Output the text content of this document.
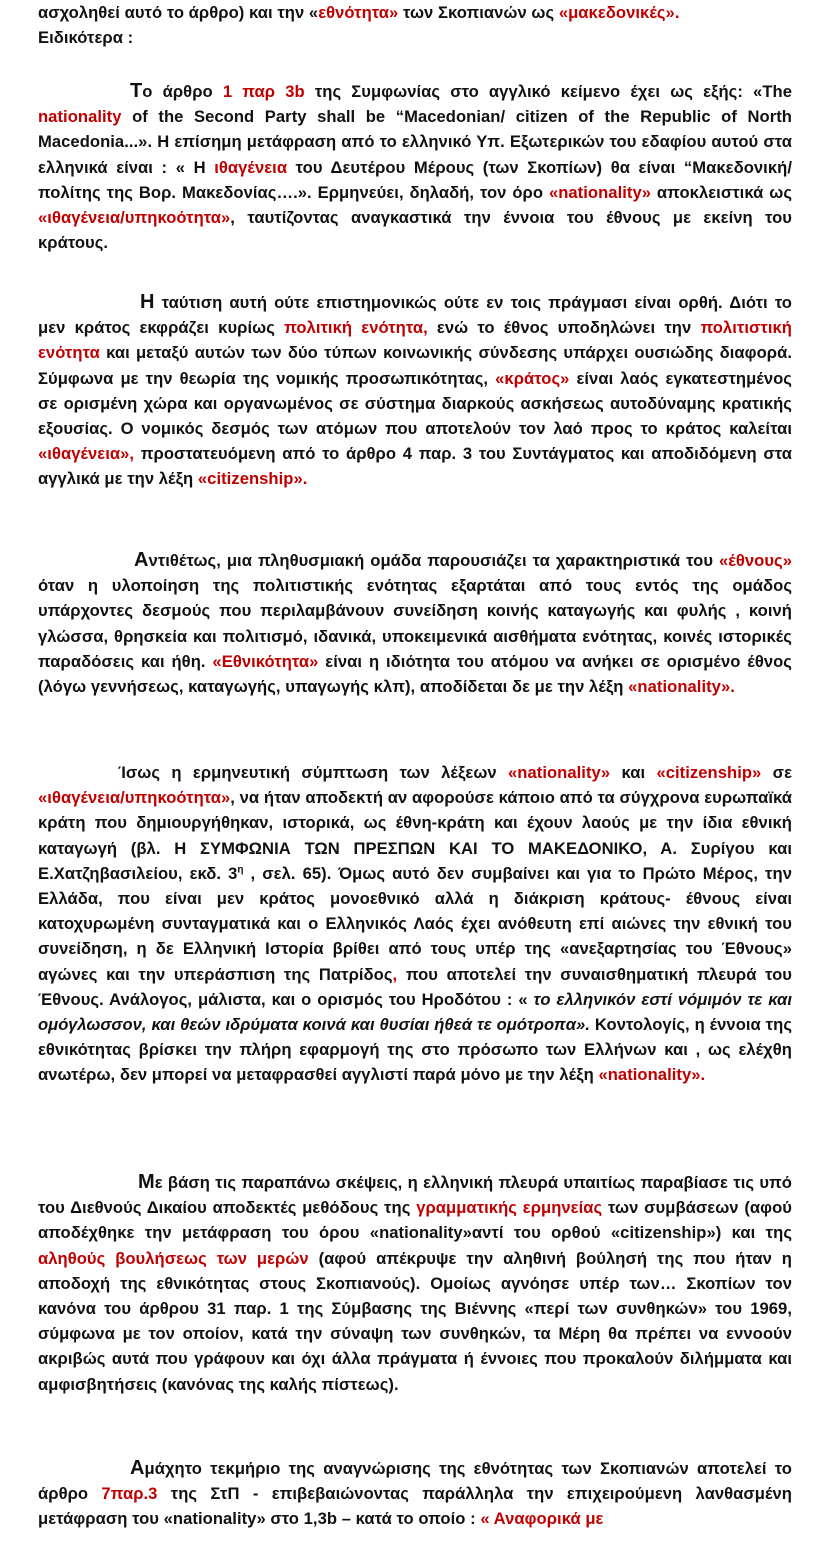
ασχοληθεί αυτό το άρθρο) και την «εθνότητα» των Σκοπιανών ως «μακεδονικές».
Ειδικότερα :

Το άρθρο 1 παρ 3b της Συμφωνίας στο αγγλικό κείμενο έχει ως εξής: «The nationality of the Second Party shall be “Macedonian/ citizen of the Republic of North Macedonia...». Η επίσημη μετάφραση από το ελληνικό Υπ. Εξωτερικών του εδαφίου αυτού στα ελληνικά είναι : « Η ιθαγένεια του Δευτέρου Μέρους (των Σκοπίων) θα είναι “Μακεδονική/ πολίτης της Βορ. Μακεδονίας….». Ερμηνεύει, δηλαδή, τον όρο «nationality» αποκλειστικά ως «ιθαγένεια/υπηκοότητα», ταυτίζοντας αναγκαστικά την έννοια του έθνους με εκείνη του κράτους.

Η ταύτιση αυτή ούτε επιστημονικώς ούτε εν τοις πράγμασι είναι ορθή. Διότι το μεν κράτος εκφράζει κυρίως πολιτική ενότητα, ενώ το έθνος υποδηλώνει την πολιτιστική ενότητα και μεταξύ αυτών των δύο τύπων κοινωνικής σύνδεσης υπάρχει ουσιώδης διαφορά. Σύμφωνα με την θεωρία της νομικής προσωπικότητας, «κράτος» είναι λαός εγκατεστημένος σε ορισμένη χώρα και οργανωμένος σε σύστημα διαρκούς ασκήσεως αυτοδύναμης κρατικής εξουσίας. Ο νομικός δεσμός των ατόμων που αποτελούν τον λαό προς το κράτος καλείται «ιθαγένεια», προστατευόμενη από το άρθρο 4 παρ. 3 του Συντάγματος και αποδιδόμενη στα αγγλικά με την λέξη «citizenship».

Αντιθέτως, μια πληθυσμιακή ομάδα παρουσιάζει τα χαρακτηριστικά του «έθνους» όταν η υλοποίηση της πολιτιστικής ενότητας εξαρτάται από τους εντός της ομάδος υπάρχοντες δεσμούς που περιλαμβάνουν συνείδηση κοινής καταγωγής και φυλής , κοινή γλώσσα, θρησκεία και πολιτισμό, ιδανικά, υποκειμενικά αισθήματα ενότητας, κοινές ιστορικές παραδόσεις και ήθη. «Εθνικότητα» είναι η ιδιότητα του ατόμου να ανήκει σε ορισμένο έθνος (λόγω γεννήσεως, καταγωγής, υπαγωγής κλπ), αποδίδεται δε με την λέξη «nationality».

Ίσως η ερμηνευτική σύμπτωση των λέξεων «nationality» και «citizenship» σε «ιθαγένεια/υπηκοότητα», να ήταν αποδεκτή αν αφορούσε κάποιο από τα σύγχρονα ευρωπαϊκά κράτη που δημιουργήθηκαν, ιστορικά, ως έθνη-κράτη και έχουν λαούς με την ίδια εθνική καταγωγή (βλ. Η ΣΥΜΦΩΝΙΑ ΤΩΝ ΠΡΕΣΠΩΝ ΚΑΙ ΤΟ ΜΑΚΕΔΟΝΙΚΟ, Α. Συρίγου και Ε.Χατζηβασιλείου, εκδ. $3^\eta$ , σελ. 65). Όμως αυτό δεν συμβαίνει και για το Πρώτο Μέρος, την Ελλάδα, που είναι μεν κράτος μονοεθνικό αλλά η διάκριση κράτους- έθνους είναι κατοχυρωμένη συνταγματικά και ο Ελληνικός Λαός έχει ανόθευτη επί αιώνες την εθνική του συνείδηση, η δε Ελληνική Ιστορία βρίθει από τους υπέρ της «ανεξαρτησίας του Έθνους» αγώνες και την υπεράσπιση της Πατρίδος, που αποτελεί την συναισθηματική πλευρά του Έθνους. Ανάλογος, μάλιστα, και ο ορισμός του Ηροδότου : « το ελληνικόν εστί νόμιμόν τε και ομόγλωσσον, και θεών ιδρύματα κοινά και θυσίαι ήθεά τε ομότροπα». Κοντολογίς, η έννοια της εθνικότητας βρίσκει την πλήρη εφαρμογή της στο πρόσωπο των Ελλήνων και , ως ελέχθη ανωτέρω, δεν μπορεί να μεταφρασθεί αγγλιστί παρά μόνο με την λέξη «nationality».

Με βάση τις παραπάνω σκέψεις, η ελληνική πλευρά υπαιτίως παραβίασε τις υπό του Διεθνούς Δικαίου αποδεκτές μεθόδους της γραμματικής ερμηνείας των συμβάσεων (αφού αποδέχθηκε την μετάφραση του όρου «nationality»αντί του ορθού «citizenship») και της αληθούς βουλήσεως των μερών (αφού απέκρυψε την αληθινή βούλησή της που ήταν η αποδοχή της εθνικότητας στους Σκοπιανούς). Ομοίως αγνόησε υπέρ των… Σκοπίων τον κανόνα του άρθρου 31 παρ. 1 της Σύμβασης της Βιέννης «περί των συνθηκών» του 1969, σύμφωνα με τον οποίον, κατά την σύναψη των συνθηκών, τα Μέρη θα πρέπει να εννοούν ακριβώς αυτά που γράφουν και όχι άλλα πράγματα ή έννοιες που προκαλούν διλήμματα και αμφισβητήσεις (κανόνας της καλής πίστεως).

Αμάχητο τεκμήριο της αναγνώρισης της εθνότητας των Σκοπιανών αποτελεί το άρθρο 7παρ.3 της ΣτΠ - επιβεβαιώνοντας παράλληλα την επιχειρούμενη λανθασμένη μετάφραση του «nationality» στο 1,3b – κατά το οποίο : « Αναφορικά με
